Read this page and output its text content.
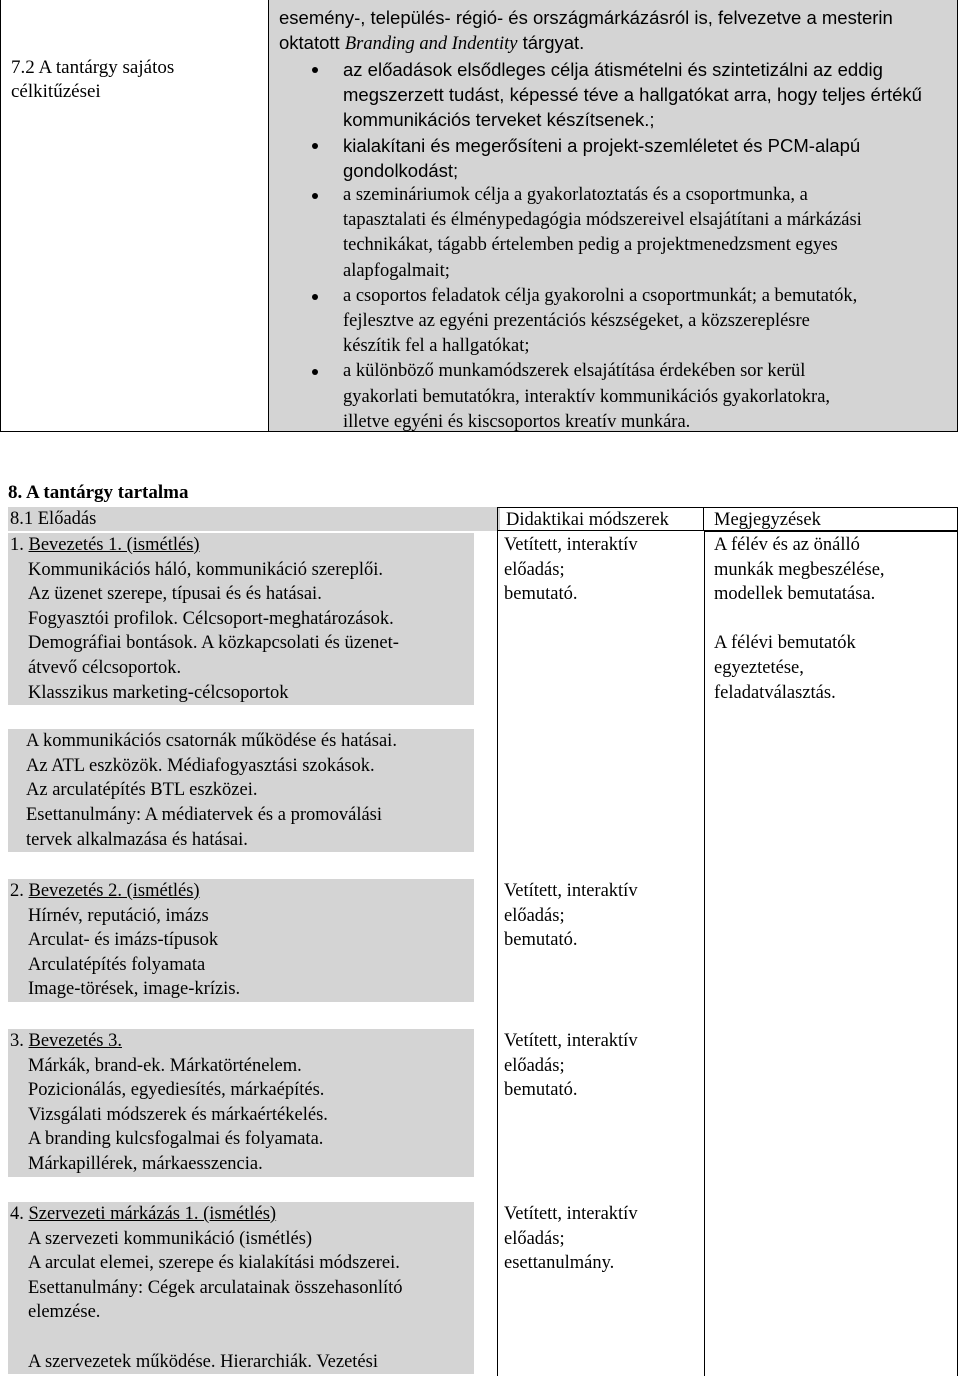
7.2 A tantárgy sajátos
célkitűzései
esemény-, település- régió- és országmárkázásról is, felvezetve a mesterin
oktatott Branding and Indentity tárgyat.
az előadások elsődleges célja átismételni és szintetizálni az eddig
megszerzett tudást, képessé téve a hallgatókat arra, hogy teljes értékű
kommunikációs terveket készítsenek.;
kialakítani és megerősíteni a projekt-szemléletet és PCM-alapú
gondolkodást;
a szemináriumok célja a gyakorlatoztatás és a csoportmunka, a
tapasztalati és élménypedagógia módszereivel elsajátítani a márkázási
technikákat, tágabb értelemben pedig a projektmenedzsment egyes
alapfogalmait;
a csoportos feladatok célja gyakorolni a csoportmunkát; a bemutatók,
fejlesztve az egyéni prezentációs készségeket, a közszereplésre
készítik fel a hallgatókat;
a különböző munkamódszerek elsajátítása érdekében sor kerül
gyakorlati bemutatókra, interaktív kommunikációs gyakorlatokra,
illetve egyéni és kiscsoportos kreatív munkára.
8. A tantárgy tartalma
8.1 Előadás	Didaktikai módszerek	Megjegyzések
1. Bevezetés 1. (ismétlés)
Kommunikációs háló, kommunikáció szereplői.
Az üzenet szerepe, típusai és és hatásai.
Fogyasztói profilok. Célcsoport-meghatározások.
Demográfiai bontások. A közkapcsolati és üzenet-
átvevő célcsoportok.
Klasszikus marketing-célcsoportok
A kommunikációs csatornák működése és hatásai.
Az ATL eszközök. Médiafogyasztási szokások.
Az arculatépítés BTL eszközei.
Esettanulmány: A médiatervek és a promoválási
tervek alkalmazása és hatásai.
Vetített, interaktív
előadás;
bemutató.
A félév és az önálló
munkák megbeszélése,
modellek bemutatása.
A félévi bemutatók
egyeztetése,
feladatválasztás.
2. Bevezetés 2. (ismétlés)
Hírnév, reputáció, imázs
Arculat- és imázs-típusok
Arculatépítés folyamata
Image-törések, image-krízis.
Vetített, interaktív
előadás;
bemutató.
3. Bevezetés 3.
Márkák, brand-ek. Márkatörténelem.
Pozicionálás, egyediesítés, márkaépítés.
Vizsgálati módszerek és márkaértékelés.
A branding kulcsfogalmai és folyamata.
Márkapillérek, márkaesszencia.
Vetített, interaktív
előadás;
bemutató.
4. Szervezeti márkázás 1. (ismétlés)
A szervezeti kommunikáció (ismétlés)
A arculat elemei, szerepe és kialakítási módszerei.
Esettanulmány: Cégek arculatainak összehasonlító
elemzése.
A szervezetek működése. Hierarchiák. Vezetési
Vetített, interaktív
előadás;
esettanulmány.
